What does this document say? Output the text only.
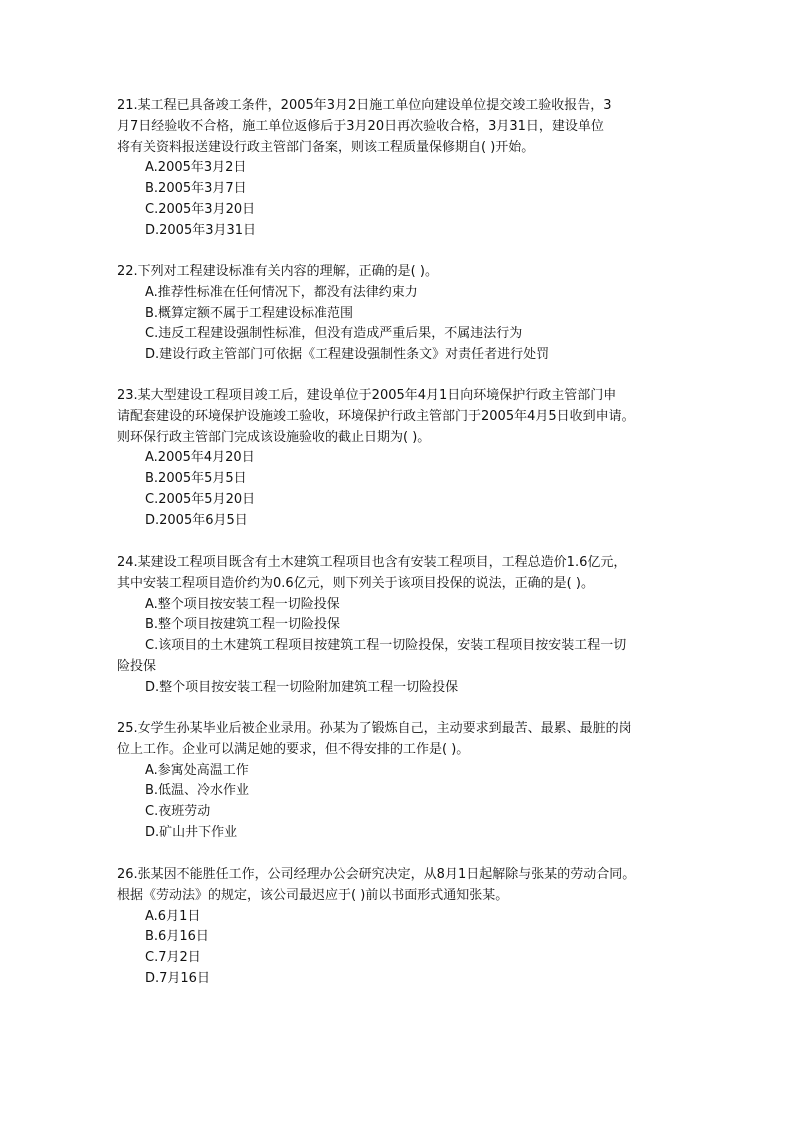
21.某工程已具备竣工条件，2005年3月2日施工单位向建设单位提交竣工验收报告，3
月7日经验收不合格，施工单位返修后于3月20日再次验收合格，3月31日，建设单位
将有关资料报送建设行政主管部门备案，则该工程质量保修期自( )开始。
A.2005年3月2日
B.2005年3月7日
C.2005年3月20日
D.2005年3月31日
22.下列对工程建设标准有关内容的理解，正确的是( )。
A.推荐性标准在任何情况下，都没有法律约束力
B.概算定额不属于工程建设标准范围
C.违反工程建设强制性标准，但没有造成严重后果，不属违法行为
D.建设行政主管部门可依据《工程建设强制性条文》对责任者进行处罚
23.某大型建设工程项目竣工后，建设单位于2005年4月1日向环境保护行政主管部门申
请配套建设的环境保护设施竣工验收，环境保护行政主管部门于2005年4月5日收到申请。
则环保行政主管部门完成该设施验收的截止日期为( )。
A.2005年4月20日
B.2005年5月5日
C.2005年5月20日
D.2005年6月5日
24.某建设工程项目既含有土木建筑工程项目也含有安装工程项目，工程总造价1.6亿元，
其中安装工程项目造价约为0.6亿元，则下列关于该项目投保的说法，正确的是( )。
A.整个项目按安装工程一切险投保
B.整个项目按建筑工程一切险投保
C.该项目的土木建筑工程项目按建筑工程一切险投保，安装工程项目按安装工程一切
险投保
D.整个项目按安装工程一切险附加建筑工程一切险投保
25.女学生孙某毕业后被企业录用。孙某为了锻炼自己，主动要求到最苦、最累、最脏的岗
位上工作。企业可以满足她的要求，但不得安排的工作是( )。
A.参寓处高温工作
B.低温、冷水作业
C.夜班劳动
D.矿山井下作业
26.张某因不能胜任工作，公司经理办公会研究决定，从8月1日起解除与张某的劳动合同。
根据《劳动法》的规定，该公司最迟应于( )前以书面形式通知张某。
A.6月1日
B.6月16日
C.7月2日
D.7月16日
